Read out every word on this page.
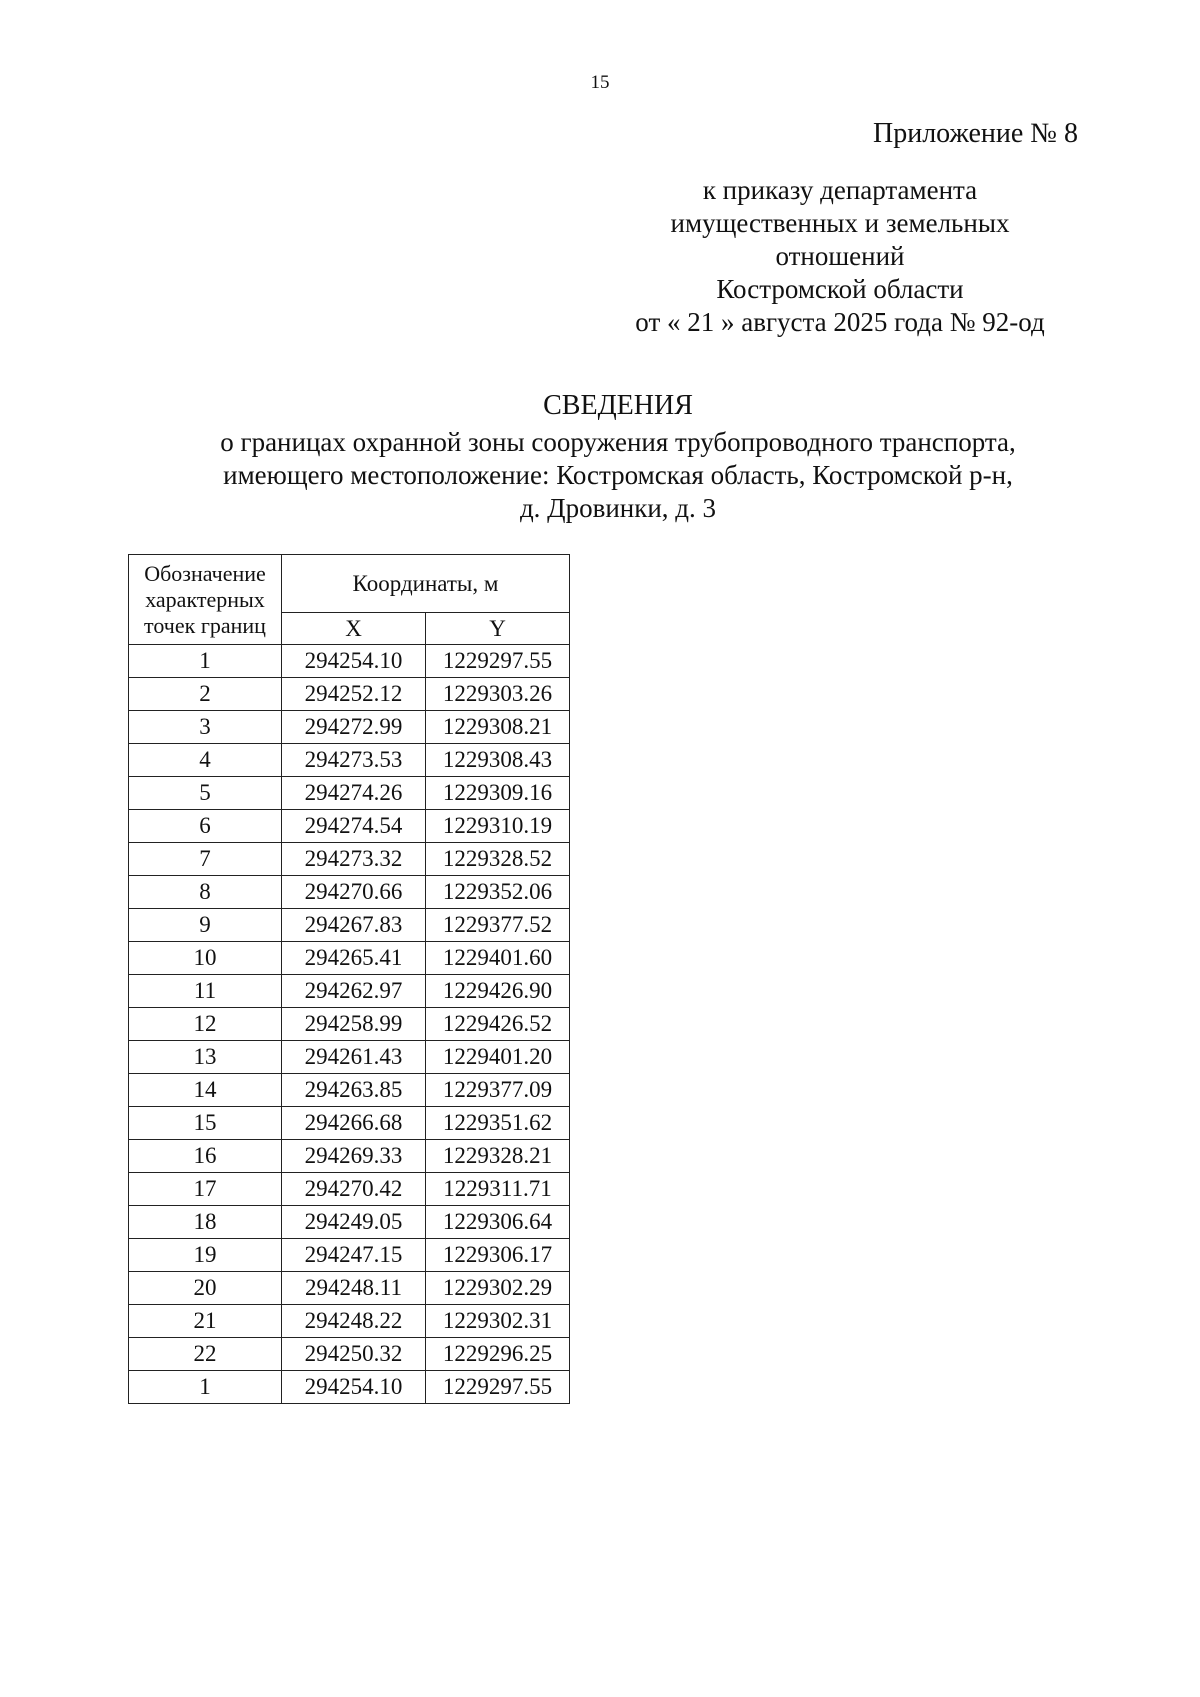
15
Приложение № 8
к приказу департамента
имущественных и земельных
отношений
Костромской области
от « 21 » августа 2025 года № 92-од
СВЕДЕНИЯ
о границах охранной зоны сооружения трубопроводного транспорта,
имеющего местоположение: Костромская область, Костромской р-н,
д. Дровинки, д. 3
Обозначение
характерных
точек границ	Координаты, м	
	X	Y
1	294254.10	1229297.55
2	294252.12	1229303.26
3	294272.99	1229308.21
4	294273.53	1229308.43
5	294274.26	1229309.16
6	294274.54	1229310.19
7	294273.32	1229328.52
8	294270.66	1229352.06
9	294267.83	1229377.52
10	294265.41	1229401.60
11	294262.97	1229426.90
12	294258.99	1229426.52
13	294261.43	1229401.20
14	294263.85	1229377.09
15	294266.68	1229351.62
16	294269.33	1229328.21
17	294270.42	1229311.71
18	294249.05	1229306.64
19	294247.15	1229306.17
20	294248.11	1229302.29
21	294248.22	1229302.31
22	294250.32	1229296.25
1	294254.10	1229297.55
